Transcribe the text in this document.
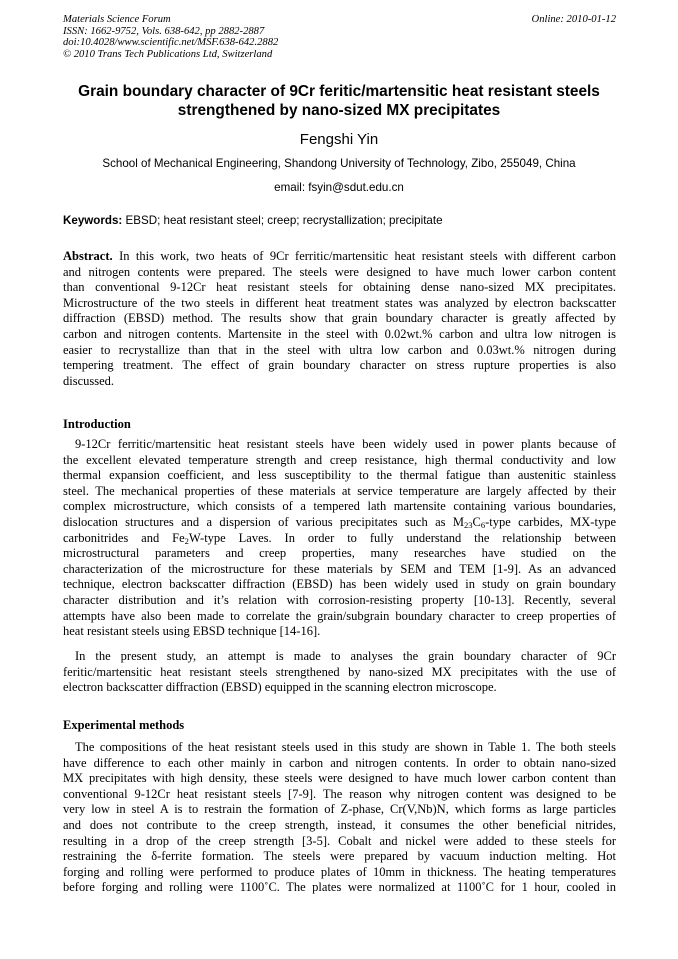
Materials Science Forum
ISSN: 1662-9752, Vols. 638-642, pp 2882-2887
doi:10.4028/www.scientific.net/MSF.638-642.2882
© 2010 Trans Tech Publications Ltd, Switzerland
Online: 2010-01-12
Grain boundary character of 9Cr feritic/martensitic heat resistant steels
strengthened by nano-sized MX precipitates
Fengshi Yin
School of Mechanical Engineering, Shandong University of Technology, Zibo, 255049, China
email: fsyin@sdut.edu.cn
Keywords: EBSD; heat resistant steel; creep; recrystallization; precipitate
Abstract. In this work, two heats of 9Cr ferritic/martensitic heat resistant steels with different carbon
and nitrogen contents were prepared. The steels were designed to have much lower carbon content
than conventional 9-12Cr heat resistant steels for obtaining dense nano-sized MX precipitates.
Microstructure of the two steels in different heat treatment states was analyzed by electron backscatter
diffraction (EBSD) method. The results show that grain boundary character is greatly affected by
carbon and nitrogen contents. Martensite in the steel with 0.02wt.% carbon and ultra low nitrogen is
easier to recrystallize than that in the steel with ultra low carbon and 0.03wt.% nitrogen during
tempering treatment. The effect of grain boundary character on stress rupture properties is also
discussed.
Introduction
9-12Cr ferritic/martensitic heat resistant steels have been widely used in power plants because of
the excellent elevated temperature strength and creep resistance, high thermal conductivity and low
thermal expansion coefficient, and less susceptibility to the thermal fatigue than austenitic stainless
steel. The mechanical properties of these materials at service temperature are largely affected by their
complex microstructure, which consists of a tempered lath martensite containing various boundaries,
dislocation structures and a dispersion of various precipitates such as $M_{23}C_6$-type carbides, MX-type
carbonitrides and $Fe_2W$-type Laves. In order to fully understand the relationship between
microstructural parameters and creep properties, many researches have studied on the
characterization of the microstructure for these materials by SEM and TEM [1-9]. As an advanced
technique, electron backscatter diffraction (EBSD) has been widely used in study on grain boundary
character distribution and it’s relation with corrosion-resisting property [10-13]. Recently, several
attempts have also been made to correlate the grain/subgrain boundary character to creep properties of
heat resistant steels using EBSD technique [14-16].
In the present study, an attempt is made to analyses the grain boundary character of 9Cr
feritic/martensitic heat resistant steels strengthened by nano-sized MX precipitates with the use of
electron backscatter diffraction (EBSD) equipped in the scanning electron microscope.
Experimental methods
The compositions of the heat resistant steels used in this study are shown in Table 1. The both steels
have difference to each other mainly in carbon and nitrogen contents. In order to obtain nano-sized
MX precipitates with high density, these steels were designed to have much lower carbon content than
conventional 9-12Cr heat resistant steels [7-9]. The reason why nitrogen content was designed to be
very low in steel A is to restrain the formation of Z-phase, Cr(V,Nb)N, which forms as large particles
and does not contribute to the creep strength, instead, it consumes the other beneficial nitrides,
resulting in a drop of the creep strength [3-5]. Cobalt and nickel were added to these steels for
restraining the δ-ferrite formation. The steels were prepared by vacuum induction melting. Hot
forging and rolling were performed to produce plates of 10mm in thickness. The heating temperatures
before forging and rolling were 1100˚C. The plates were normalized at 1100˚C for 1 hour, cooled in
